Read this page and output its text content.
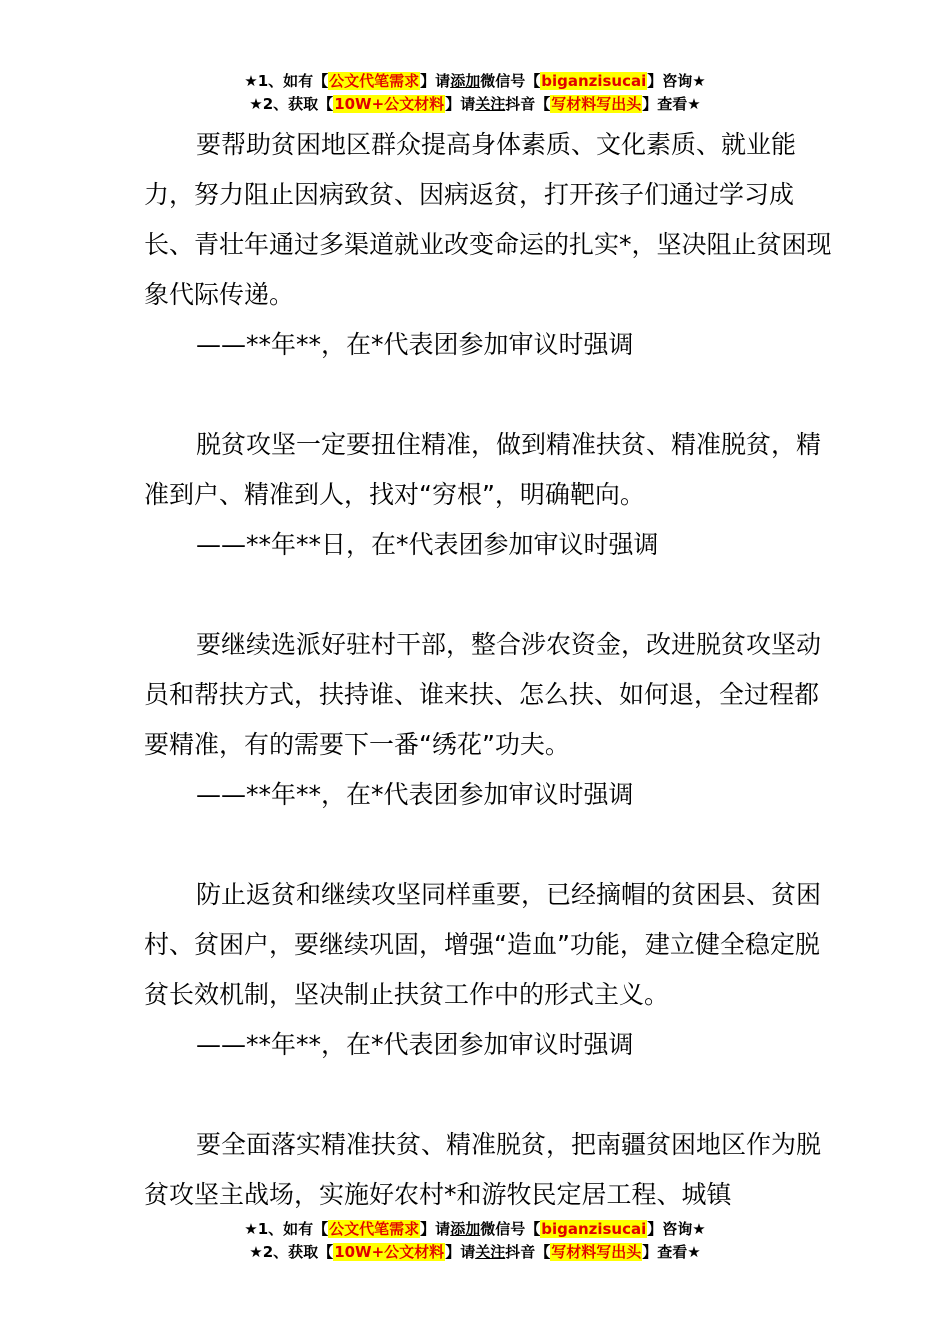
★1、如有【公文代笔需求】请添加微信号【biganzisucai】咨询★
★2、获取【10W+公文材料】请关注抖音【写材料写出头】查看★

要帮助贫困地区群众提高身体素质、文化素质、就业能力，努力阻止因病致贫、因病返贫，打开孩子们通过学习成长、青壮年通过多渠道就业改变命运的扎实*，坚决阻止贫困现象代际传递。

——**年**，在*代表团参加审议时强调

脱贫攻坚一定要扭住精准，做到精准扶贫、精准脱贫，精准到户、精准到人，找对“穷根”，明确靶向。

——**年**日，在*代表团参加审议时强调

要继续选派好驻村干部，整合涉农资金，改进脱贫攻坚动员和帮扶方式，扶持谁、谁来扶、怎么扶、如何退，全过程都要精准，有的需要下一番“绣花”功夫。

——**年**，在*代表团参加审议时强调

防止返贫和继续攻坚同样重要，已经摘帽的贫困县、贫困村、贫困户，要继续巩固，增强“造血”功能，建立健全稳定脱贫长效机制，坚决制止扶贫工作中的形式主义。

——**年**，在*代表团参加审议时强调

要全面落实精准扶贫、精准脱贫，把南疆贫困地区作为脱贫攻坚主战场，实施好农村*和游牧民定居工程、城镇

★1、如有【公文代笔需求】请添加微信号【biganzisucai】咨询★
★2、获取【10W+公文材料】请关注抖音【写材料写出头】查看★
